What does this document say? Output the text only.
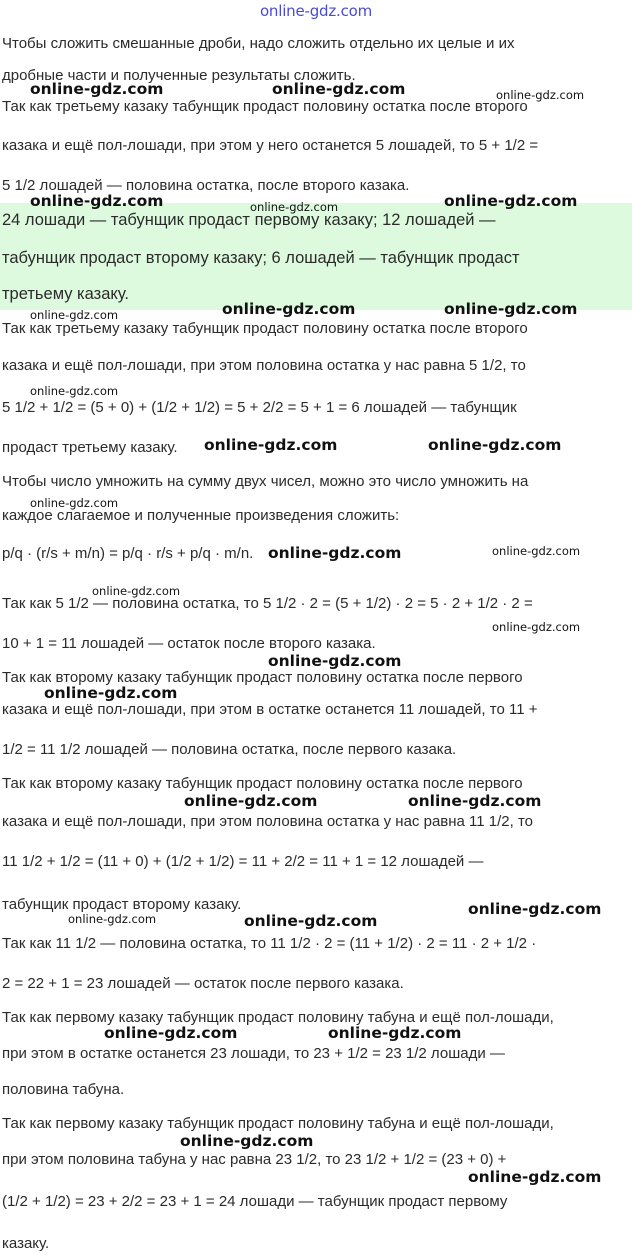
online-gdz.com
Чтобы сложить смешанные дроби, надо сложить отдельно их целые и их
дробные части и полученные результаты сложить.
Так как третьему казаку табунщик продаст половину остатка после второго
казака и ещё пол-лошади, при этом у него останется 5 лошадей, то 5 + 1/2 =
5 1/2 лошадей — половина остатка, после второго казака.
24 лошади — табунщик продаст первому казаку; 12 лошадей —
табунщик продаст второму казаку; 6 лошадей — табунщик продаст
третьему казаку.
Так как третьему казаку табунщик продаст половину остатка после второго
казака и ещё пол-лошади, при этом половина остатка у нас равна 5 1/2, то
5 1/2 + 1/2 = (5 + 0) + (1/2 + 1/2) = 5 + 2/2 = 5 + 1 = 6 лошадей — табунщик
продаст третьему казаку.
Чтобы число умножить на сумму двух чисел, можно это число умножить на
каждое слагаемое и полученные произведения сложить:
p/q · (r/s + m/n) = p/q · r/s + p/q · m/n.
Так как 5 1/2 — половина остатка, то 5 1/2 · 2 = (5 + 1/2) · 2 = 5 · 2 + 1/2 · 2 =
10 + 1 = 11 лошадей — остаток после второго казака.
Так как второму казаку табунщик продаст половину остатка после первого
казака и ещё пол-лошади, при этом в остатке останется 11 лошадей, то 11 +
1/2 = 11 1/2 лошадей — половина остатка, после первого казака.
Так как второму казаку табунщик продаст половину остатка после первого
казака и ещё пол-лошади, при этом половина остатка у нас равна 11 1/2, то
11 1/2 + 1/2 = (11 + 0) + (1/2 + 1/2) = 11 + 2/2 = 11 + 1 = 12 лошадей —
табунщик продаст второму казаку.
Так как 11 1/2 — половина остатка, то 11 1/2 · 2 = (11 + 1/2) · 2 = 11 · 2 + 1/2 ·
2 = 22 + 1 = 23 лошадей — остаток после первого казака.
Так как первому казаку табунщик продаст половину табуна и ещё пол-лошади,
при этом в остатке останется 23 лошади, то 23 + 1/2 = 23 1/2 лошади —
половина табуна.
Так как первому казаку табунщик продаст половину табуна и ещё пол-лошади,
при этом половина табуна у нас равна 23 1/2, то 23 1/2 + 1/2 = (23 + 0) +
(1/2 + 1/2) = 23 + 2/2 = 23 + 1 = 24 лошади — табунщик продаст первому
казаку.
online-gdz.com	online-gdz.com	online-gdz.com
online-gdz.com	online-gdz.com	online-gdz.com
online-gdz.com	online-gdz.com
online-gdz.com
online-gdz.com
online-gdz.com	online-gdz.com
online-gdz.com
online-gdz.com	online-gdz.com
online-gdz.com
online-gdz.com
online-gdz.com
online-gdz.com
online-gdz.com	online-gdz.com
online-gdz.com
online-gdz.com	online-gdz.com
online-gdz.com	online-gdz.com
online-gdz.com
online-gdz.com
